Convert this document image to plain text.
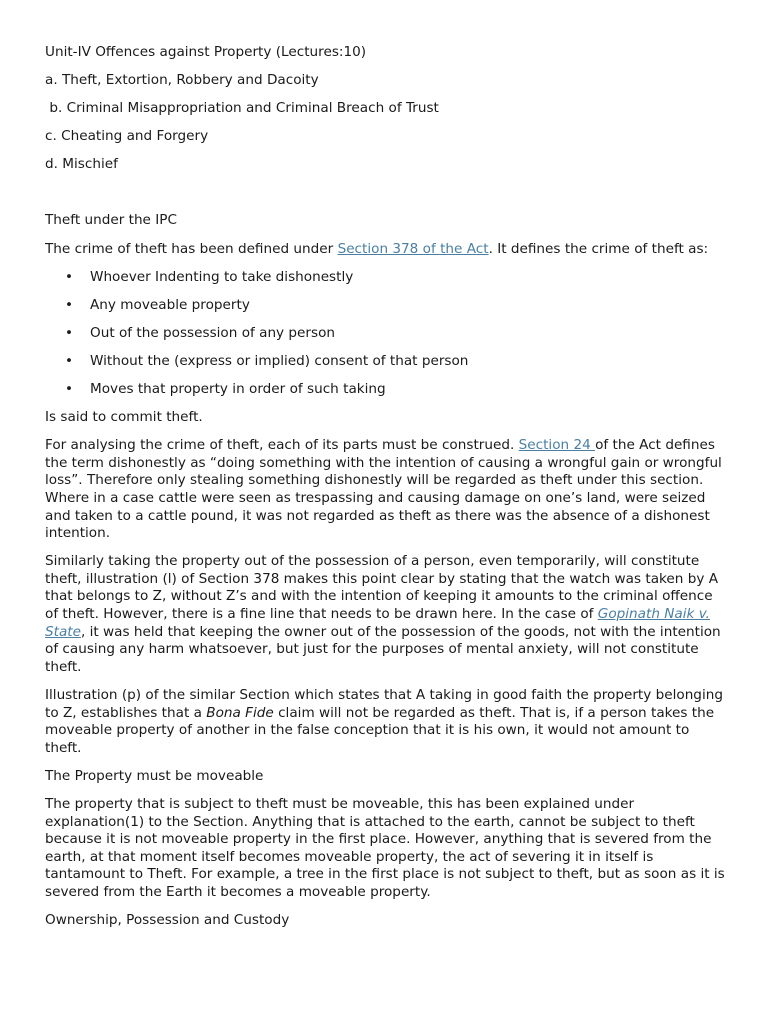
Unit-IV Offences against Property (Lectures:10)

a. Theft, Extortion, Robbery and Dacoity

b. Criminal Misappropriation and Criminal Breach of Trust

c. Cheating and Forgery

d. Mischief

Theft under the IPC

The crime of theft has been defined under Section 378 of the Act. It defines the crime of theft as:

• Whoever Indenting to take dishonestly
• Any moveable property
• Out of the possession of any person
• Without the (express or implied) consent of that person
• Moves that property in order of such taking

Is said to commit theft.

For analysing the crime of theft, each of its parts must be construed. Section 24 of the Act defines the term dishonestly as “doing something with the intention of causing a wrongful gain or wrongful loss”. Therefore only stealing something dishonestly will be regarded as theft under this section. Where in a case cattle were seen as trespassing and causing damage on one’s land, were seized and taken to a cattle pound, it was not regarded as theft as there was the absence of a dishonest intention.

Similarly taking the property out of the possession of a person, even temporarily, will constitute theft, illustration (l) of Section 378 makes this point clear by stating that the watch was taken by A that belongs to Z, without Z’s and with the intention of keeping it amounts to the criminal offence of theft. However, there is a fine line that needs to be drawn here. In the case of Gopinath Naik v. State, it was held that keeping the owner out of the possession of the goods, not with the intention of causing any harm whatsoever, but just for the purposes of mental anxiety, will not constitute theft.

Illustration (p) of the similar Section which states that A taking in good faith the property belonging to Z, establishes that a Bona Fide claim will not be regarded as theft. That is, if a person takes the moveable property of another in the false conception that it is his own, it would not amount to theft.

The Property must be moveable

The property that is subject to theft must be moveable, this has been explained under explanation(1) to the Section. Anything that is attached to the earth, cannot be subject to theft because it is not moveable property in the first place. However, anything that is severed from the earth, at that moment itself becomes moveable property, the act of severing it in itself is tantamount to Theft. For example, a tree in the first place is not subject to theft, but as soon as it is severed from the Earth it becomes a moveable property.

Ownership, Possession and Custody
